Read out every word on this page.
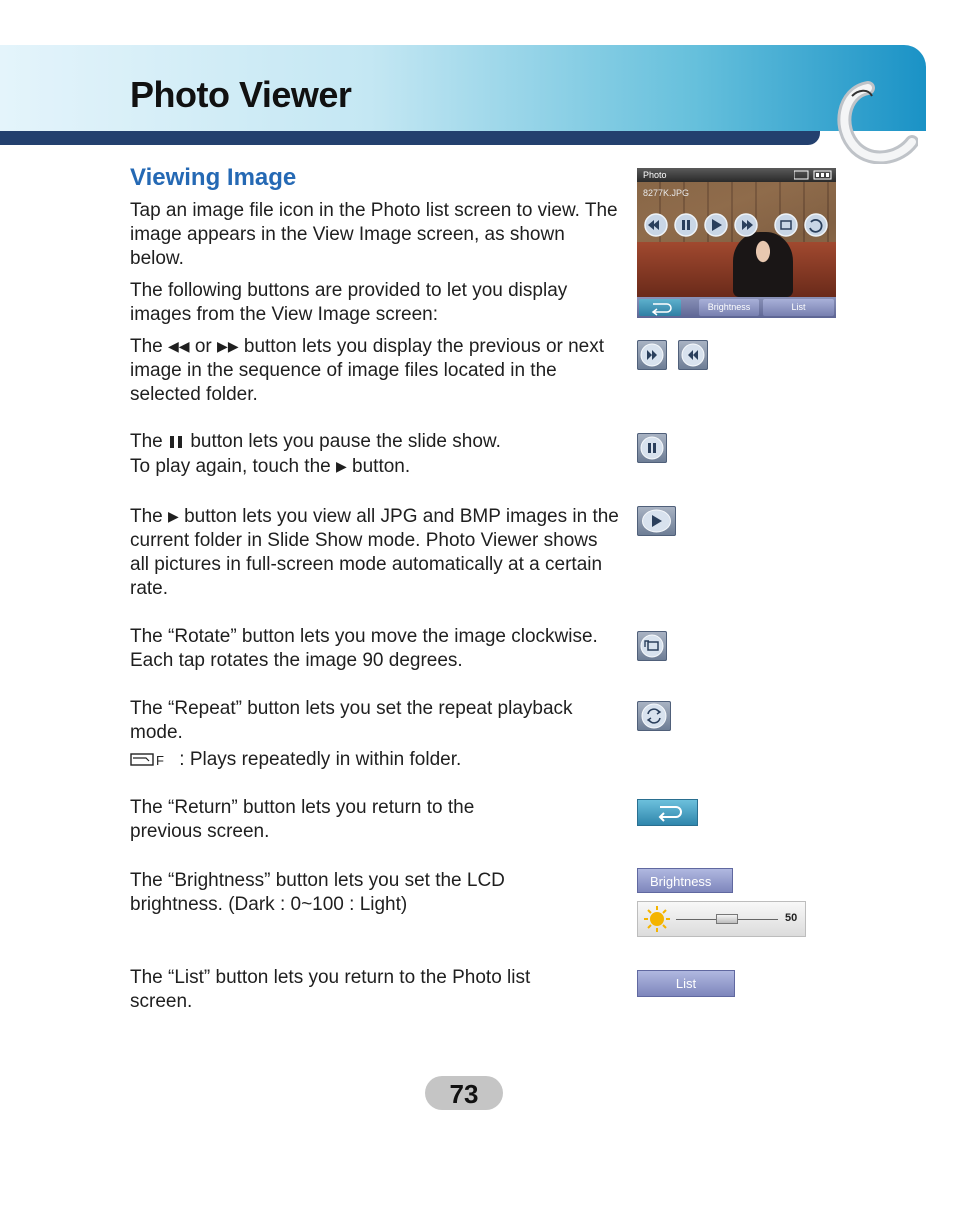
Photo Viewer
Viewing Image

Tap an image file icon in the Photo list screen to view. The image appears in the View Image screen, as shown below.

The following buttons are provided to let you display images from the View Image screen:

The ◀◀ or ▶▶ button lets you display the previous or next image in the sequence of image files located in the selected folder.

The button lets you pause the slide show.
To play again, touch the ▶ button.

The ▶ button lets you view all JPG and BMP images in the current folder in Slide Show mode. Photo Viewer shows all pictures in full-screen mode automatically at a certain rate.

The “Rotate” button lets you move the image clockwise. Each tap rotates the image 90 degrees.

The “Repeat” button lets you set the repeat playback mode.

F : Plays repeatedly in within folder.

The “Return” button lets you return to the previous screen.

The “Brightness” button lets you set the LCD brightness. (Dark : 0~100 : Light)

The “List” button lets you return to the Photo list screen.

Photo
8277K.JPG
Brightness	List
Brightness
50
List
73
